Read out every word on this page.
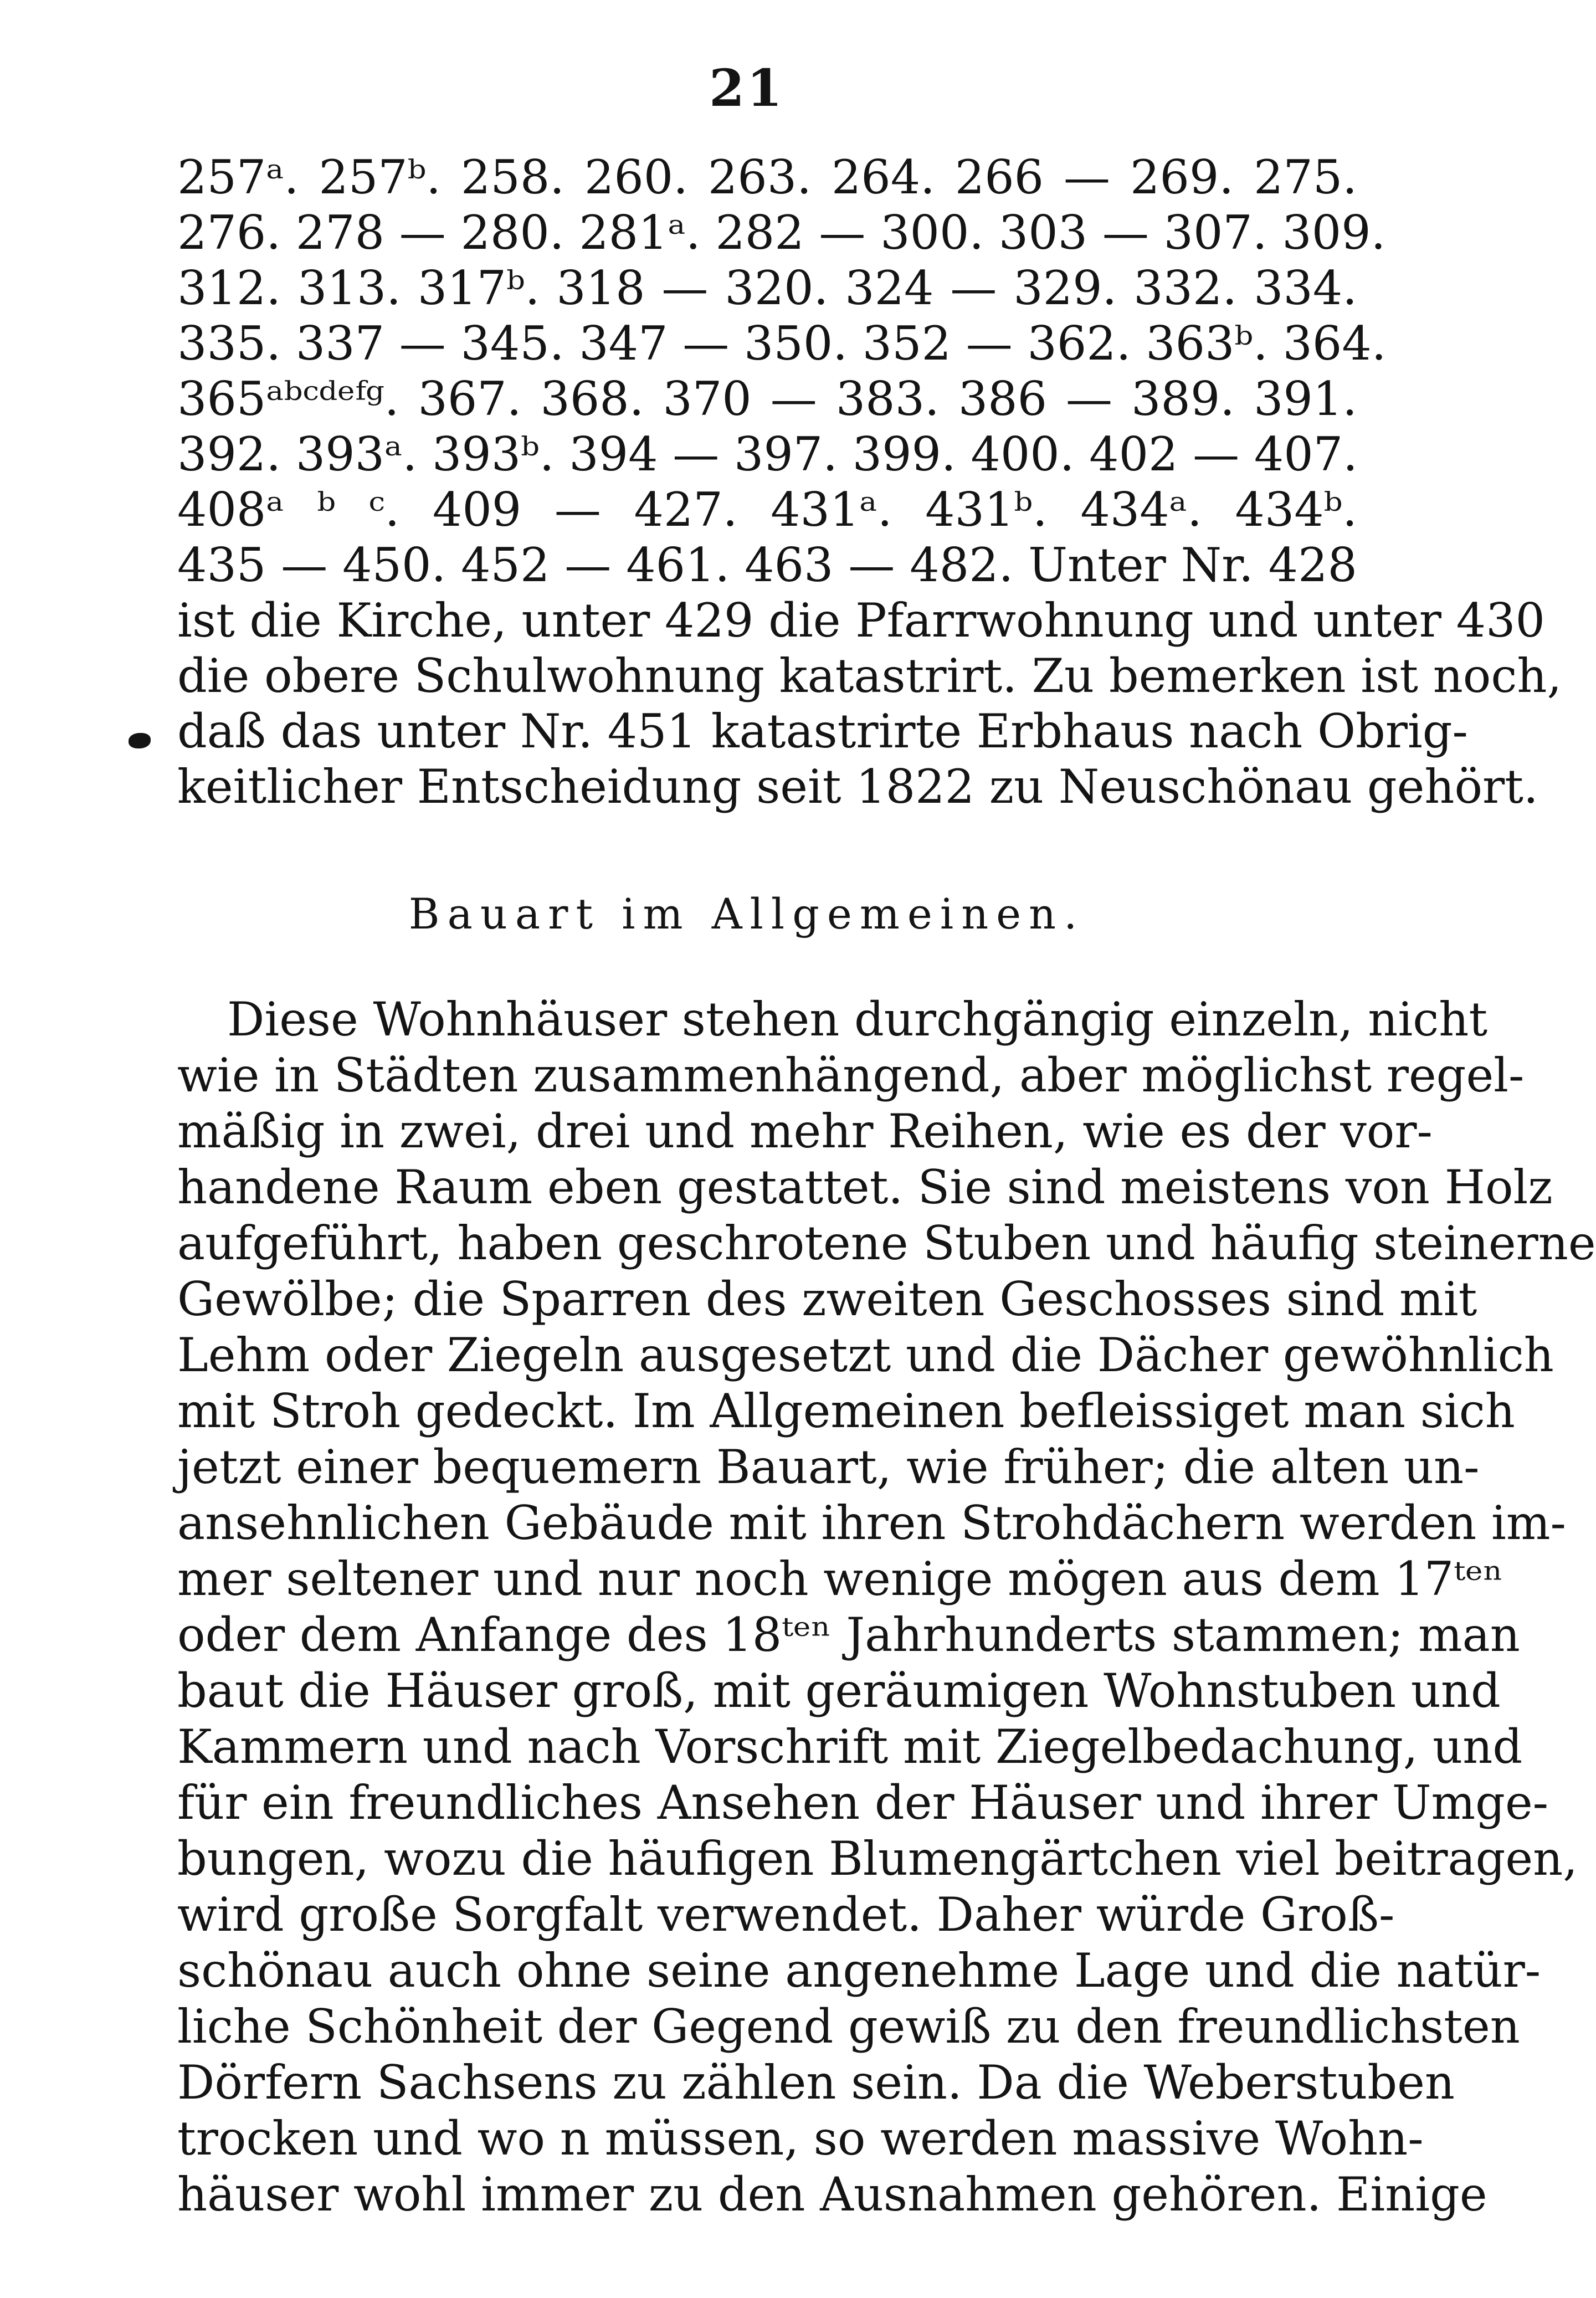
21
257ᵃ. 257ᵇ. 258. 260. 263. 264. 266 — 269. 275.
276. 278 — 280. 281ᵃ. 282 — 300. 303 — 307. 309.
312. 313. 317ᵇ. 318 — 320. 324 — 329. 332. 334.
335. 337 — 345. 347 — 350. 352 — 362. 363ᵇ. 364.
365ᵃᵇᶜᵈᵉᶠᵍ. 367. 368. 370 — 383. 386 — 389. 391.
392. 393ᵃ. 393ᵇ. 394 — 397. 399. 400. 402 — 407.
408ᵃ ᵇ ᶜ. 409 — 427. 431ᵃ. 431ᵇ. 434ᵃ. 434ᵇ.
435 — 450. 452 — 461. 463 — 482. Unter Nr. 428
ist die Kirche, unter 429 die Pfarrwohnung und unter 430
die obere Schulwohnung katastrirt. Zu bemerken ist noch,
daß das unter Nr. 451 katastrirte Erbhaus nach Obrig-
keitlicher Entscheidung seit 1822 zu Neuschönau gehört.
Bauart im Allgemeinen.
Diese Wohnhäuser stehen durchgängig einzeln, nicht
wie in Städten zusammenhängend, aber möglichst regel-
mäßig in zwei, drei und mehr Reihen, wie es der vor-
handene Raum eben gestattet. Sie sind meistens von Holz
aufgeführt, haben geschrotene Stuben und häufig steinerne
Gewölbe; die Sparren des zweiten Geschosses sind mit
Lehm oder Ziegeln ausgesetzt und die Dächer gewöhnlich
mit Stroh gedeckt. Im Allgemeinen befleissiget man sich
jetzt einer bequemern Bauart, wie früher; die alten un-
ansehnlichen Gebäude mit ihren Strohdächern werden im-
mer seltener und nur noch wenige mögen aus dem 17ᵗᵉⁿ
oder dem Anfange des 18ᵗᵉⁿ Jahrhunderts stammen; man
baut die Häuser groß, mit geräumigen Wohnstuben und
Kammern und nach Vorschrift mit Ziegelbedachung, und
für ein freundliches Ansehen der Häuser und ihrer Umge-
bungen, wozu die häufigen Blumengärtchen viel beitragen,
wird große Sorgfalt verwendet. Daher würde Groß-
schönau auch ohne seine angenehme Lage und die natür-
liche Schönheit der Gegend gewiß zu den freundlichsten
Dörfern Sachsens zu zählen sein. Da die Weberstuben
trocken und wo n müssen, so werden massive Wohn-
häuser wohl immer zu den Ausnahmen gehören. Einige
